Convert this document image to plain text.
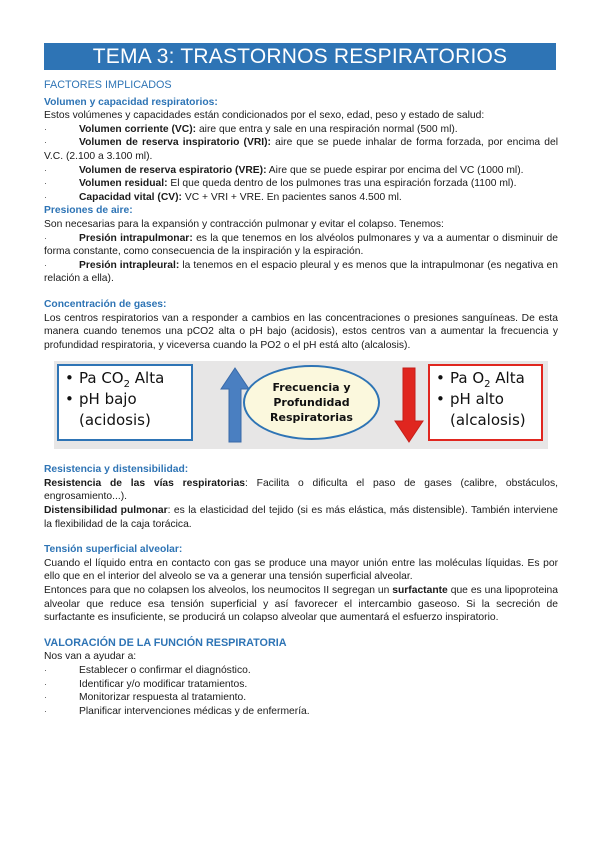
TEMA 3: TRASTORNOS RESPIRATORIOS
FACTORES IMPLICADOS
Volumen y capacidad respiratorios:

Estos volúmenes y capacidades están condicionados por el sexo, edad, peso y estado de salud:

·	Volumen corriente (VC): aire que entra y sale en una respiración normal (500 ml).

·	Volumen de reserva inspiratorio (VRI): aire que se puede inhalar de forma forzada, por encima del V.C. (2.100 a 3.100 ml).

·	Volumen de reserva espiratorio (VRE): Aire que se puede espirar por encima del VC (1000 ml).

·	Volumen residual: El que queda dentro de los pulmones tras una espiración forzada (1100 ml).

·	Capacidad vital (CV): VC + VRI + VRE. En pacientes sanos 4.500 ml.

Presiones de aire:

Son necesarias para la expansión y contracción pulmonar y evitar el colapso. Tenemos:

·	Presión intrapulmonar: es la que tenemos en los alvéolos pulmonares y va a aumentar o disminuir de forma constante, como consecuencia de la inspiración y la espiración.

·	Presión intrapleural: la tenemos en el espacio pleural y es menos que la intrapulmonar (es negativa en relación a ella).

Concentración de gases:

Los centros respiratorios van a responder a cambios en las concentraciones o presiones sanguíneas. De esta manera cuando tenemos una pCO2 alta o pH bajo (acidosis), estos centros van a aumentar la frecuencia y profundidad respiratoria, y viceversa cuando la PO2 o el pH está alto (alcalosis).

• Pa $CO_2$ Alta
• pH bajo
(acidosis)
Frecuencia y
Profundidad
Respiratorias
• Pa $O_2$ Alta
• pH alto
(alcalosis)
Resistencia y distensibilidad:

Resistencia de las vías respiratorias: Facilita o dificulta el paso de gases (calibre, obstáculos, engrosamiento...).

Distensibilidad pulmonar: es la elasticidad del tejido (si es más elástica, más distensible). También interviene la flexibilidad de la caja torácica.

Tensión superficial alveolar:

Cuando el líquido entra en contacto con gas se produce una mayor unión entre las moléculas líquidas. Es por ello que en el interior del alveolo se va a generar una tensión superficial alveolar.

Entonces para que no colapsen los alveolos, los neumocitos II segregan un surfactante que es una lipoproteina alveolar que reduce esa tensión superficial y así favorecer el intercambio gaseoso. Si la secreción de surfactante es insuficiente, se producirá un colapso alveolar que aumentará el esfuerzo inspiratorio.

VALORACIÓN DE LA FUNCIÓN RESPIRATORIA

Nos van a ayudar a:

·	Establecer o confirmar el diagnóstico.

·	Identificar y/o modificar tratamientos.

·	Monitorizar respuesta al tratamiento.

·	Planificar intervenciones médicas y de enfermería.
